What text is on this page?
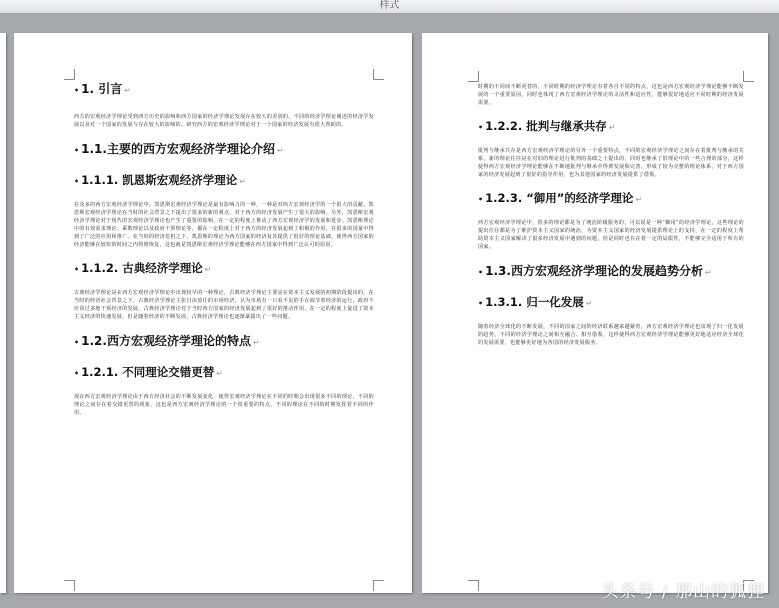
样式
• 1. 引言 ↵

西方的宏观经济学理论受到西方历史的影响和西方国家的经济学理论发展存在较大的差别的，不同的经济学理论阐述的经济学发展以及对一个国家的发展与存在较大的影响的。研究西方的宏观经济学理论对于一个国家的经济发展有很大帮助的。

• 1.1.主要的西方宏观经济学理论介绍 ↵
• 1.1.1. 凯恩斯宏观经济学理论 ↵

在众多的西方宏观经济学理论中，凯恩斯宏观经济学理论是最有影响力的一种，一种是对西方宏观经济学的一个很大的贡献。凯恩斯宏观经济学理论在当时的社会背景之下提出了很多的新的观点，对于西方的经济发展产生了很大的影响。另外，凯恩斯宏观经济学理论对于现代的宏观经济学理论也产生了重要的影响，在一定的程度上推动了西方宏观经济学的发展和进步。凯恩斯理论中的有效需求理论、乘数理论以及政府干预理论等，都在一定程度上对于西方的经济发展起到了积极的作用，在很多的国家中得到了广泛的应用和推广。在当时的经济危机之下，凯恩斯的理论为西方国家的经济复苏提供了很好的理论基础，使得西方国家的经济能够在较短的时间之内得到恢复，这也就是凯恩斯宏观经济学理论能够在西方国家中得到广泛认可的原因。

• 1.1.2. 古典经济学理论 ↵

古典经济学理论是在西方宏观经济学理论中出现较早的一种理论，古典经济学理论主要是在资本主义发展的初期阶段提出的，在当时的经济社会背景之下，古典经济学理论主张自由放任的市场经济，认为市场有一只看不见的手在调节着经济的运行，政府不应该过多地干预经济的发展。古典经济学理论对于当时西方国家的经济发展起到了很好的推动作用，在一定的程度上促进了资本主义经济的快速发展，但是随着经济的不断发展，古典经济学理论也逐渐暴露出了一些问题。

• 1.2.西方宏观经济学理论的特点 ↵
• 1.2.1. 不同理论交错更替 ↵

现在西方宏观经济学理论由于西方经济社会的不断发展变化，使得宏观经济学理论在不同的时期会出现很多不同的理论，不同的理论之间存在着交错更替的现象，这也是西方宏观经济学理论的一个很重要的特点，不同的理论在不同的时期发挥着不同的作用。

时期的不同而不断更替的，不同时期的经济学理论有着各自不同的特点，这也是西方宏观经济学理论能够不断发展的一个重要原因，同时也体现了西方宏观经济学理论的灵活性和适应性，能够很好地适应不同时期的经济发展需要。

• 1.2.2. 批判与继承共存 ↵

批判与继承共存是西方宏观经济学理论的另外一个重要特点，不同的宏观经济学理论之间存在着批判与继承的关系，新的理论往往是在对旧的理论进行批判的基础之上提出的，同时也继承了旧理论中的一些合理的部分，这样使得西方宏观经济学理论能够在不断地批判与继承中得到发展和完善，形成了较为完整的理论体系，对于西方国家的经济发展起到了很好的指导作用，也为其他国家的经济发展提供了借鉴。

• 1.2.3. “御用”的经济学理论 ↵

西方宏观经济学理论中，很多的理论都是为了统治阶级服务的，可以说是一种“御用”的经济学理论，这些理论的提出往往都是为了维护资本主义国家的统治，为资本主义国家的经济发展提供理论上的支持，在一定的程度上帮助资本主义国家解决了很多经济发展中遇到的问题，但是同时也存在着一定的局限性，不能够完全适用于所有的国家。

• 1.3.西方宏观经济学理论的发展趋势分析 ↵
• 1.3.1. 归一化发展 ↵

随着经济全球化的不断发展，不同的国家之间的经济联系越来越紧密，西方宏观经济学理论也出现了归一化发展的趋势，不同的经济学理论之间相互融合、相互借鉴，这样使得西方宏观经济学理论能够更好地适应经济全球化的发展需要，也能够更好地为各国的经济发展服务。

头条号 / 那山的狐狸
